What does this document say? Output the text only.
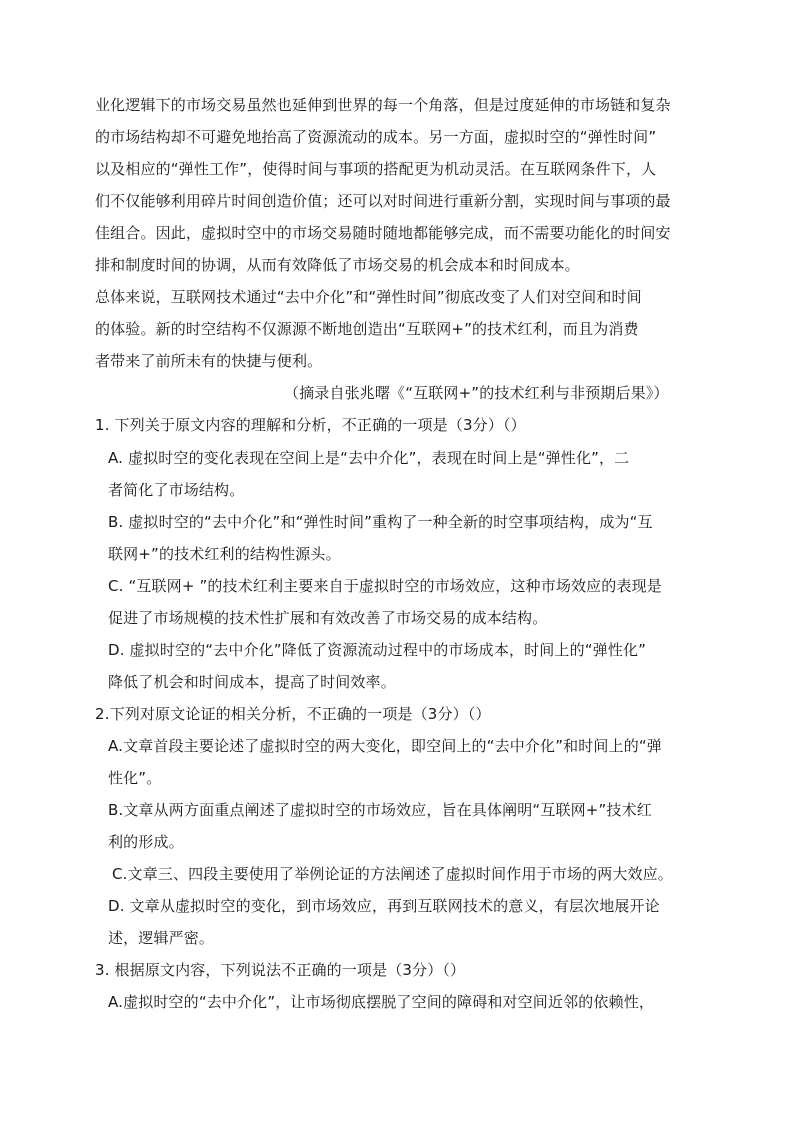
业化逻辑下的市场交易虽然也延伸到世界的每一个角落，但是过度延伸的市场链和复杂
的市场结构却不可避免地抬高了资源流动的成本。另一方面，虚拟时空的“弹性时间”
以及相应的“弹性工作”，使得时间与事项的搭配更为机动灵活。在互联网条件下，人
们不仅能够利用碎片时间创造价值；还可以对时间进行重新分割，实现时间与事项的最
佳组合。因此，虚拟时空中的市场交易随时随地都能够完成，而不需要功能化的时间安
排和制度时间的协调，从而有效降低了市场交易的机会成本和时间成本。
总体来说，互联网技术通过“去中介化”和“弹性时间”彻底改变了人们对空间和时间
的体验。新的时空结构不仅源源不断地创造出“互联网+”的技术红利，而且为消费
者带来了前所未有的快捷与便利。
（摘录自张兆曙《“互联网+”的技术红利与非预期后果》）
1. 下列关于原文内容的理解和分析，不正确的一项是（3分）（）
A. 虚拟时空的变化表现在空间上是“去中介化”，表现在时间上是“弹性化”，二
者简化了市场结构。
B. 虚拟时空的“去中介化”和“弹性时间”重构了一种全新的时空事项结构，成为“互
联网+”的技术红利的结构性源头。
C. “互联网+ ”的技术红利主要来自于虚拟时空的市场效应，这种市场效应的表现是
促进了市场规模的技术性扩展和有效改善了市场交易的成本结构。
D. 虚拟时空的“去中介化”降低了资源流动过程中的市场成本，时间上的“弹性化”
降低了机会和时间成本，提高了时间效率。
2.下列对原文论证的相关分析，不正确的一项是（3分）（）
A.文章首段主要论述了虚拟时空的两大变化，即空间上的“去中介化”和时间上的“弹
性化”。
B.文章从两方面重点阐述了虚拟时空的市场效应，旨在具体阐明“互联网+”技术红
利的形成。
C.文章三、四段主要使用了举例论证的方法阐述了虚拟时间作用于市场的两大效应。
D. 文章从虚拟时空的变化，到市场效应，再到互联网技术的意义，有层次地展开论
述，逻辑严密。
3. 根据原文内容，下列说法不正确的一项是（3分）（）
A.虚拟时空的“去中介化”，让市场彻底摆脱了空间的障碍和对空间近邻的依赖性，
